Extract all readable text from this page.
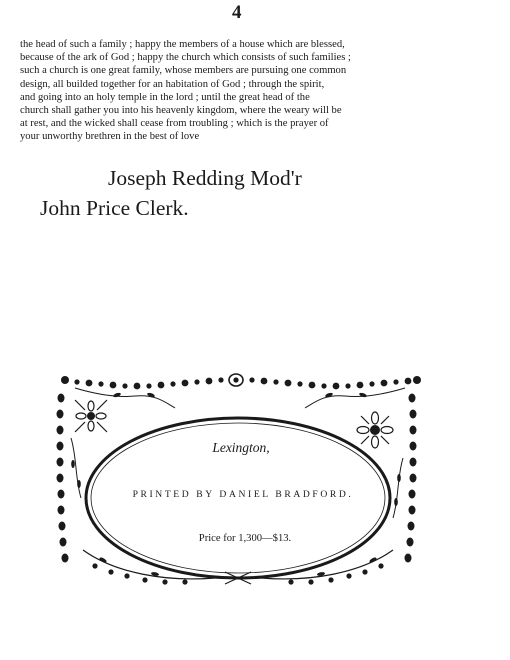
4
the head of such a family ; happy the members of a house which are blessed,
because of the ark of God ; happy the church which consists of such families ;
such a church is one great family, whose members are pursuing one common
design, all builded together for an habitation of God ; through the spirit,
and going into an holy temple in the lord ; until the great head of the
church shall gather you into his heavenly kingdom, where the weary will be
at rest, and the wicked shall cease from troubling ; which is the prayer of
your unworthy brethren in the best of love
Joseph Redding Mod'r
John Price Clerk.
Lexington,
PRINTED BY DANIEL BRADFORD.
Price for 1,300—$13.
